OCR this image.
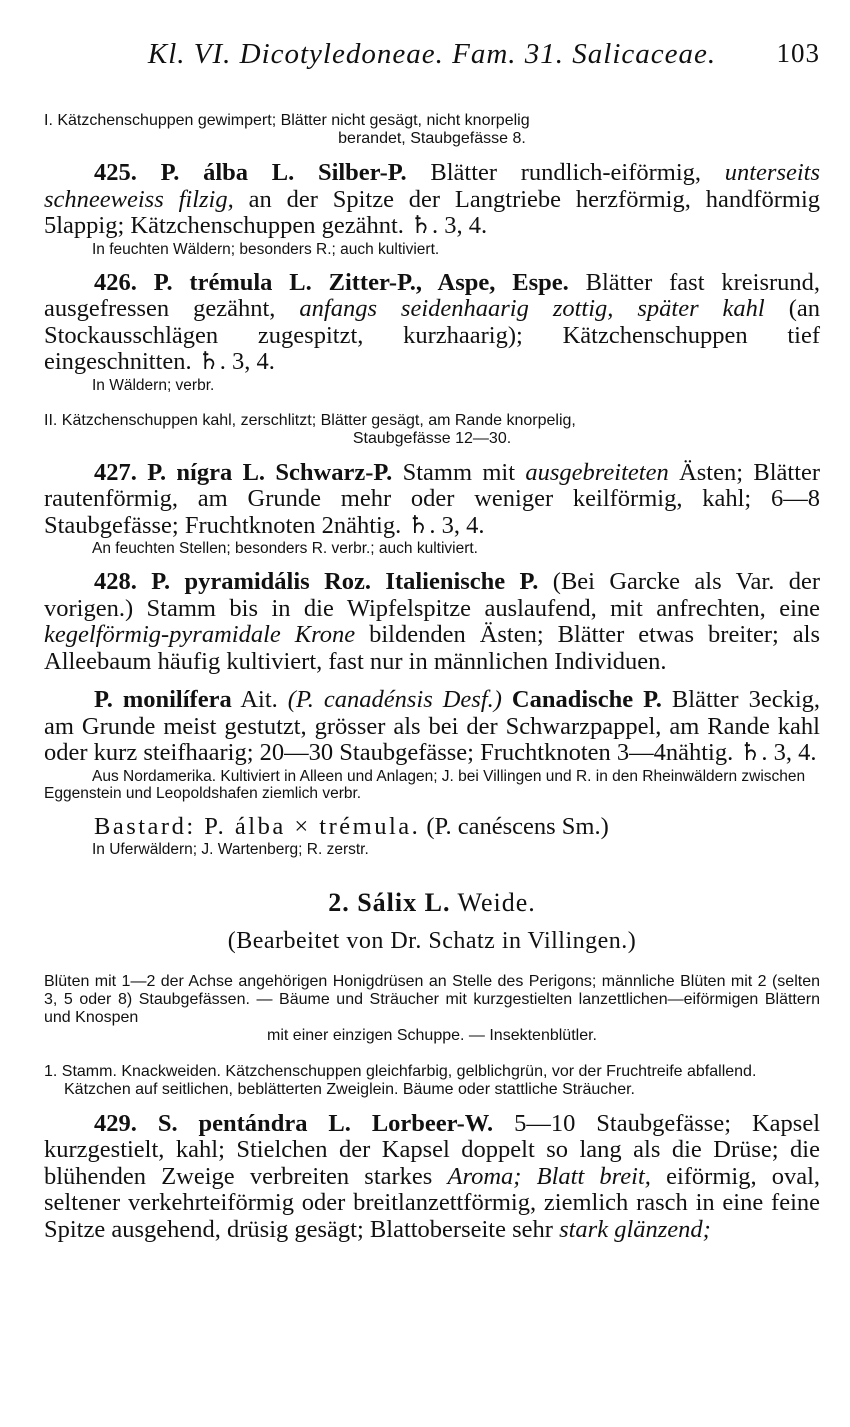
Kl. VI. Dicotyledoneae. Fam. 31. Salicaceae. 103
I. Kätzchenschuppen gewimpert; Blätter nicht gesägt, nicht knorpelig
berandet, Staubgefässe 8.
425. P. álba L. Silber-P. Blätter rundlich-eiförmig, unterseits schneeweiss filzig, an der Spitze der Langtriebe herzförmig, handförmig 5lappig; Kätzchenschuppen gezähnt. ♄. 3, 4.
In feuchten Wäldern; besonders R.; auch kultiviert.
426. P. trémula L. Zitter-P., Aspe, Espe. Blätter fast kreisrund, ausgefressen gezähnt, anfangs seidenhaarig zottig, später kahl (an Stockausschlägen zugespitzt, kurzhaarig); Kätzchenschuppen tief eingeschnitten. ♄. 3, 4.
In Wäldern; verbr.
II. Kätzchenschuppen kahl, zerschlitzt; Blätter gesägt, am Rande knorpelig,
Staubgefässe 12—30.
427. P. nígra L. Schwarz-P. Stamm mit ausgebreiteten Ästen; Blätter rautenförmig, am Grunde mehr oder weniger keilförmig, kahl; 6—8 Staubgefässe; Fruchtknoten 2nähtig. ♄. 3, 4.
An feuchten Stellen; besonders R. verbr.; auch kultiviert.
428. P. pyramidális Roz. Italienische P. (Bei Garcke als Var. der vorigen.) Stamm bis in die Wipfelspitze auslaufend, mit anfrechten, eine kegelförmig-pyramidale Krone bildenden Ästen; Blätter etwas breiter; als Alleebaum häufig kultiviert, fast nur in männlichen Individuen.
P. monilífera Ait. (P. canadénsis Desf.) Canadische P. Blätter 3eckig, am Grunde meist gestutzt, grösser als bei der Schwarzpappel, am Rande kahl oder kurz steifhaarig; 20—30 Staubgefässe; Fruchtknoten 3—4nähtig. ♄. 3, 4.
Aus Nordamerika. Kultiviert in Alleen und Anlagen; J. bei Villingen und R. in den Rheinwäldern zwischen Eggenstein und Leopoldshafen ziemlich verbr.
Bastard: P. álba × trémula. (P. canéscens Sm.)
In Uferwäldern; J. Wartenberg; R. zerstr.
2. Sálix L. Weide.
(Bearbeitet von Dr. Schatz in Villingen.)
Blüten mit 1—2 der Achse angehörigen Honigdrüsen an Stelle des Perigons; männliche Blüten mit 2 (selten 3, 5 oder 8) Staubgefässen. — Bäume und Sträucher mit kurzgestielten lanzettlichen—eiförmigen Blättern und Knospen
mit einer einzigen Schuppe. — Insektenblütler.
1. Stamm. Knackweiden. Kätzchenschuppen gleichfarbig, gelblichgrün, vor der Fruchtreife abfallend. Kätzchen auf seitlichen, beblätterten Zweiglein. Bäume oder stattliche Sträucher.
429. S. pentándra L. Lorbeer-W. 5—10 Staubgefässe; Kapsel kurzgestielt, kahl; Stielchen der Kapsel doppelt so lang als die Drüse; die blühenden Zweige verbreiten starkes Aroma; Blatt breit, eiförmig, oval, seltener verkehrteiförmig oder breitlanzettförmig, ziemlich rasch in eine feine Spitze ausgehend, drüsig gesägt; Blattoberseite sehr stark glänzend;
